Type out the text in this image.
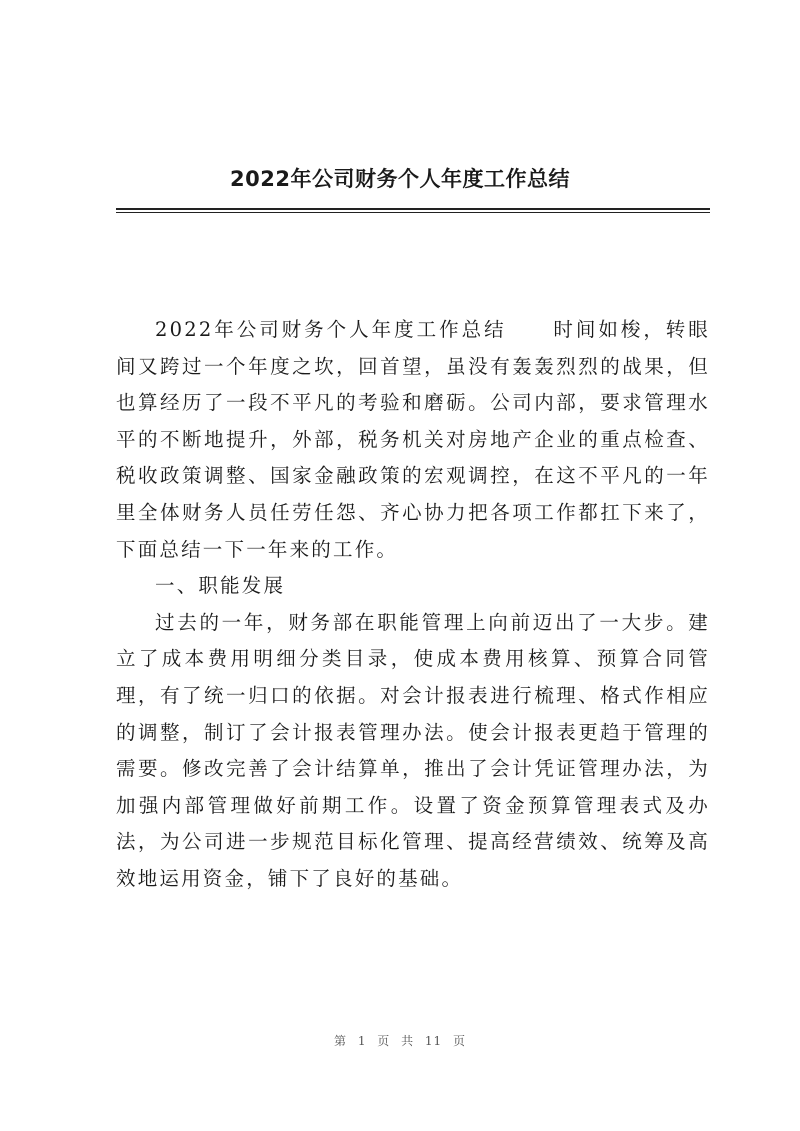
2022年公司财务个人年度工作总结

2022年公司财务个人年度工作总结 时间如梭，转眼间又跨过一个年度之坎，回首望，虽没有轰轰烈烈的战果，但也算经历了一段不平凡的考验和磨砺。公司内部，要求管理水平的不断地提升，外部，税务机关对房地产企业的重点检查、税收政策调整、国家金融政策的宏观调控，在这不平凡的一年里全体财务人员任劳任怨、齐心协力把各项工作都扛下来了，下面总结一下一年来的工作。

一、职能发展

过去的一年，财务部在职能管理上向前迈出了一大步。建立了成本费用明细分类目录，使成本费用核算、预算合同管理，有了统一归口的依据。对会计报表进行梳理、格式作相应的调整，制订了会计报表管理办法。使会计报表更趋于管理的需要。修改完善了会计结算单，推出了会计凭证管理办法，为加强内部管理做好前期工作。设置了资金预算管理表式及办法，为公司进一步规范目标化管理、提高经营绩效、统筹及高效地运用资金，铺下了良好的基础。

第 1 页 共 11 页
